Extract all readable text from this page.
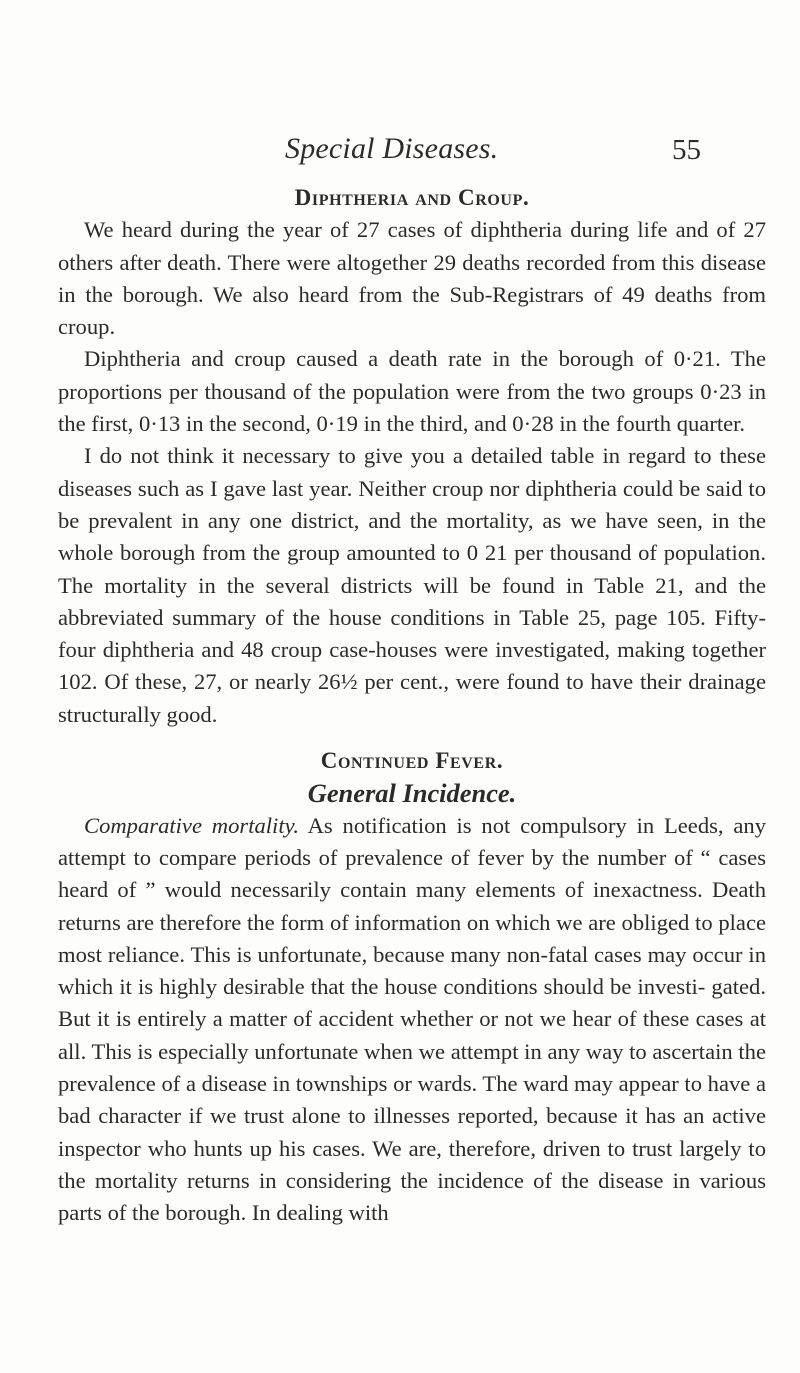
Special Diseases.	55
Diphtheria and Croup.

We heard during the year of 27 cases of diphtheria during life and of 27 others after death. There were altogether 29 deaths recorded from this disease in the borough. We also heard from the Sub-Registrars of 49 deaths from croup.

Diphtheria and croup caused a death rate in the borough of 0·21. The proportions per thousand of the population were from the two groups 0·23 in the first, 0·13 in the second, 0·19 in the third, and 0·28 in the fourth quarter.

I do not think it necessary to give you a detailed table in regard to these diseases such as I gave last year. Neither croup nor diphtheria could be said to be prevalent in any one district, and the mortality, as we have seen, in the whole borough from the group amounted to 0 21 per thousand of population. The mortality in the several districts will be found in Table 21, and the abbreviated summary of the house conditions in Table 25, page 105. Fifty-four diphtheria and 48 croup case-houses were investigated, making together 102. Of these, 27, or nearly 26½ per cent., were found to have their drainage structurally good.

Continued Fever.
General Incidence.

Comparative mortality. As notification is not compulsory in Leeds, any attempt to compare periods of prevalence of fever by the number of “ cases heard of ” would necessarily contain many elements of inexactness. Death returns are therefore the form of information on which we are obliged to place most reliance. This is unfortunate, because many non-fatal cases may occur in which it is highly desirable that the house conditions should be investi- gated. But it is entirely a matter of accident whether or not we hear of these cases at all. This is especially unfortunate when we attempt in any way to ascertain the prevalence of a disease in townships or wards. The ward may appear to have a bad character if we trust alone to illnesses reported, because it has an active inspector who hunts up his cases. We are, therefore, driven to trust largely to the mortality returns in considering the incidence of the disease in various parts of the borough. In dealing with
